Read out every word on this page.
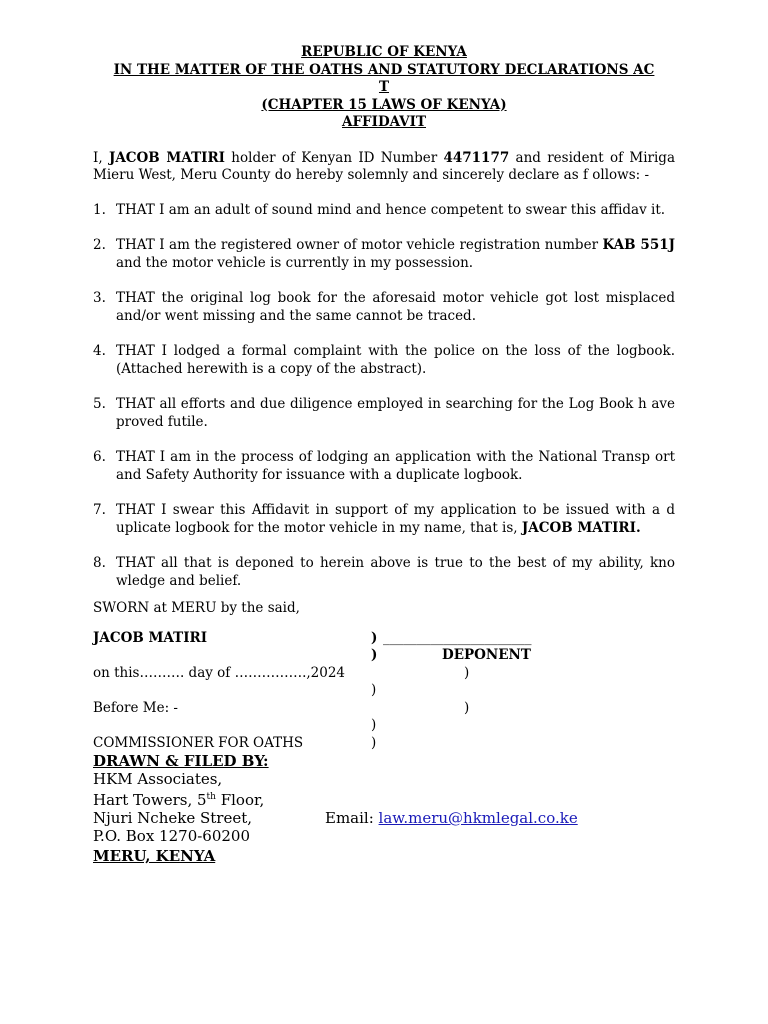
REPUBLIC OF KENYA
IN THE MATTER OF THE OATHS AND STATUTORY DECLARATIONS AC
T
(CHAPTER 15 LAWS OF KENYA)
AFFIDAVIT
I, JACOB MATIRI holder of Kenyan ID Number 4471177 and resident of Miriga Mieru West, Meru County do hereby solemnly and sincerely declare as f ollows: -
1. THAT I am an adult of sound mind and hence competent to swear this affidav it.
2. THAT I am the registered owner of motor vehicle registration number KAB 551J and the motor vehicle is currently in my possession.
3. THAT the original log book for the aforesaid motor vehicle got lost misplaced and/or went missing and the same cannot be traced.
4. THAT I lodged a formal complaint with the police on the loss of the logbook. (Attached herewith is a copy of the abstract).
5. THAT all efforts and due diligence employed in searching for the Log Book h ave proved futile.
6. THAT I am in the process of lodging an application with the National Transp ort and Safety Authority for issuance with a duplicate logbook.
7. THAT I swear this Affidavit in support of my application to be issued with a d uplicate logbook for the motor vehicle in my name, that is, JACOB MATIRI.
8. THAT all that is deponed to herein above is true to the best of my ability, kno wledge and belief.
SWORN at MERU by the said,
JACOB MATIRI	) ______________________
)	DEPONENT
on this………. day of …………….,2024	)
)
Before Me: -	)
)
COMMISSIONER FOR OATHS	)
DRAWN & FILED BY:
HKM Associates,
Hart Towers, 5th Floor,
Njuri Ncheke Street,	Email: law.meru@hkmlegal.co.ke
P.O. Box 1270-60200
MERU, KENYA
